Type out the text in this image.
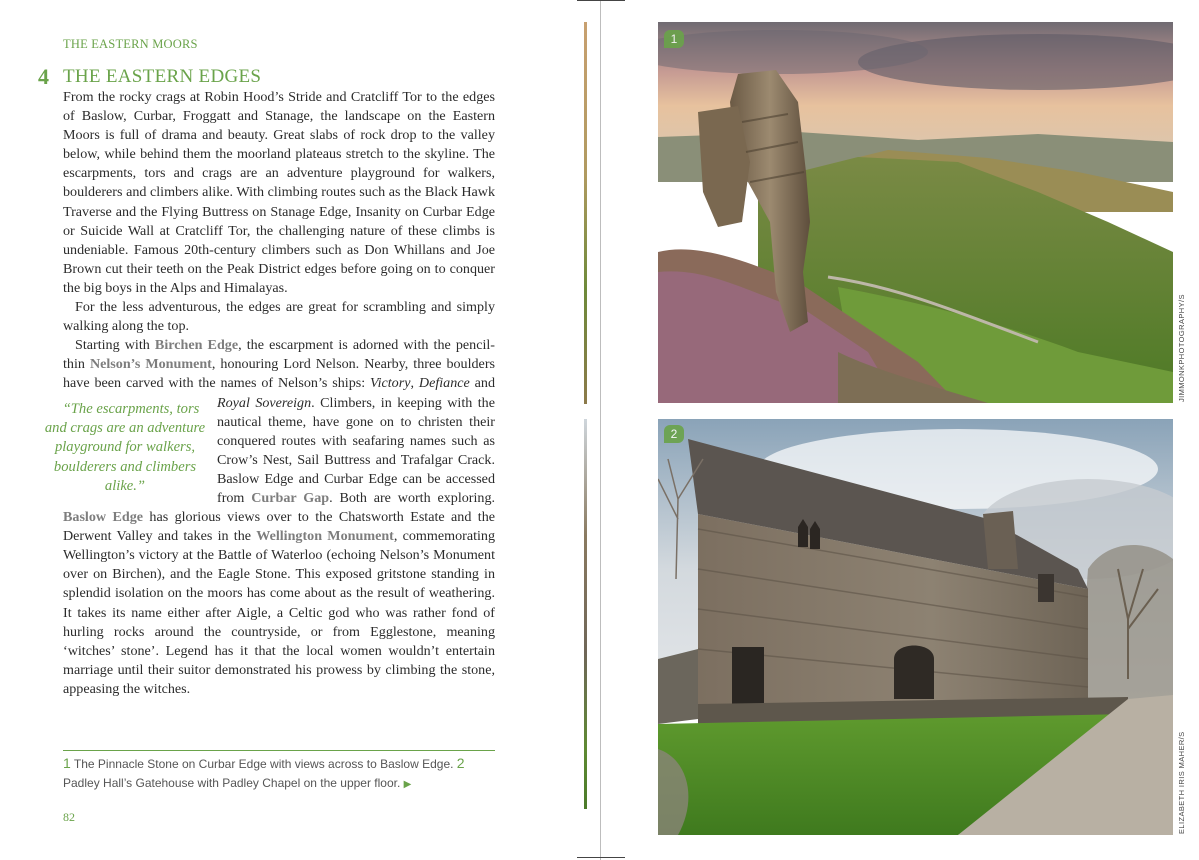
THE EASTERN MOORS
4 THE EASTERN EDGES

From the rocky crags at Robin Hood’s Stride and Cratcliff Tor to the edges of Baslow, Curbar, Froggatt and Stanage, the landscape on the Eastern Moors is full of drama and beauty. Great slabs of rock drop to the valley below, while behind them the moorland plateaus stretch to the skyline. The escarpments, tors and crags are an adventure playground for walkers, boulderers and climbers alike. With climbing routes such as the Black Hawk Traverse and the Flying Buttress on Stanage Edge, Insanity on Curbar Edge or Suicide Wall at Cratcliff Tor, the challenging nature of these climbs is undeniable. Famous 20th-century climbers such as Don Whillans and Joe Brown cut their teeth on the Peak District edges before going on to conquer the big boys in the Alps and Himalayas.

For the less adventurous, the edges are great for scrambling and simply walking along the top.

Starting with Birchen Edge, the escarpment is adorned with the pencil-thin Nelson’s Monument, honouring Lord Nelson. Nearby, three boulders have been carved with the names of Nelson’s ships: Victory,
“The escarpments, tors and crags are an adventure playground for walkers, boulderers and climbers alike.”
Defiance and Royal Sovereign. Climbers, in keeping with the nautical theme, have gone on to christen their conquered routes with seafaring names such as Crow’s Nest, Sail Buttress and Trafalgar Crack. Baslow Edge and Curbar Edge can be accessed from Curbar Gap. Both are worth exploring. Baslow Edge has glorious views over to the Chatsworth Estate and the Derwent Valley and takes in the Wellington Monument, commemorating Wellington’s victory at the Battle of Waterloo (echoing Nelson’s Monument over on Birchen), and the Eagle Stone. This exposed gritstone standing in splendid isolation on the moors has come about as the result of weathering. It takes its name either after Aigle, a Celtic god who was rather fond of hurling rocks around the countryside, or from Egglestone, meaning ‘witches’ stone’. Legend has it that the local women wouldn’t entertain marriage until their suitor demonstrated his prowess by climbing the stone, appeasing the witches.

1 The Pinnacle Stone on Curbar Edge with views across to Baslow Edge. 2 Padley Hall’s Gatehouse with Padley Chapel on the upper floor. ▶
82
1
JIMMONKPHOTOGRAPHY/S
2
ELIZABETH IRIS MAHER/S
